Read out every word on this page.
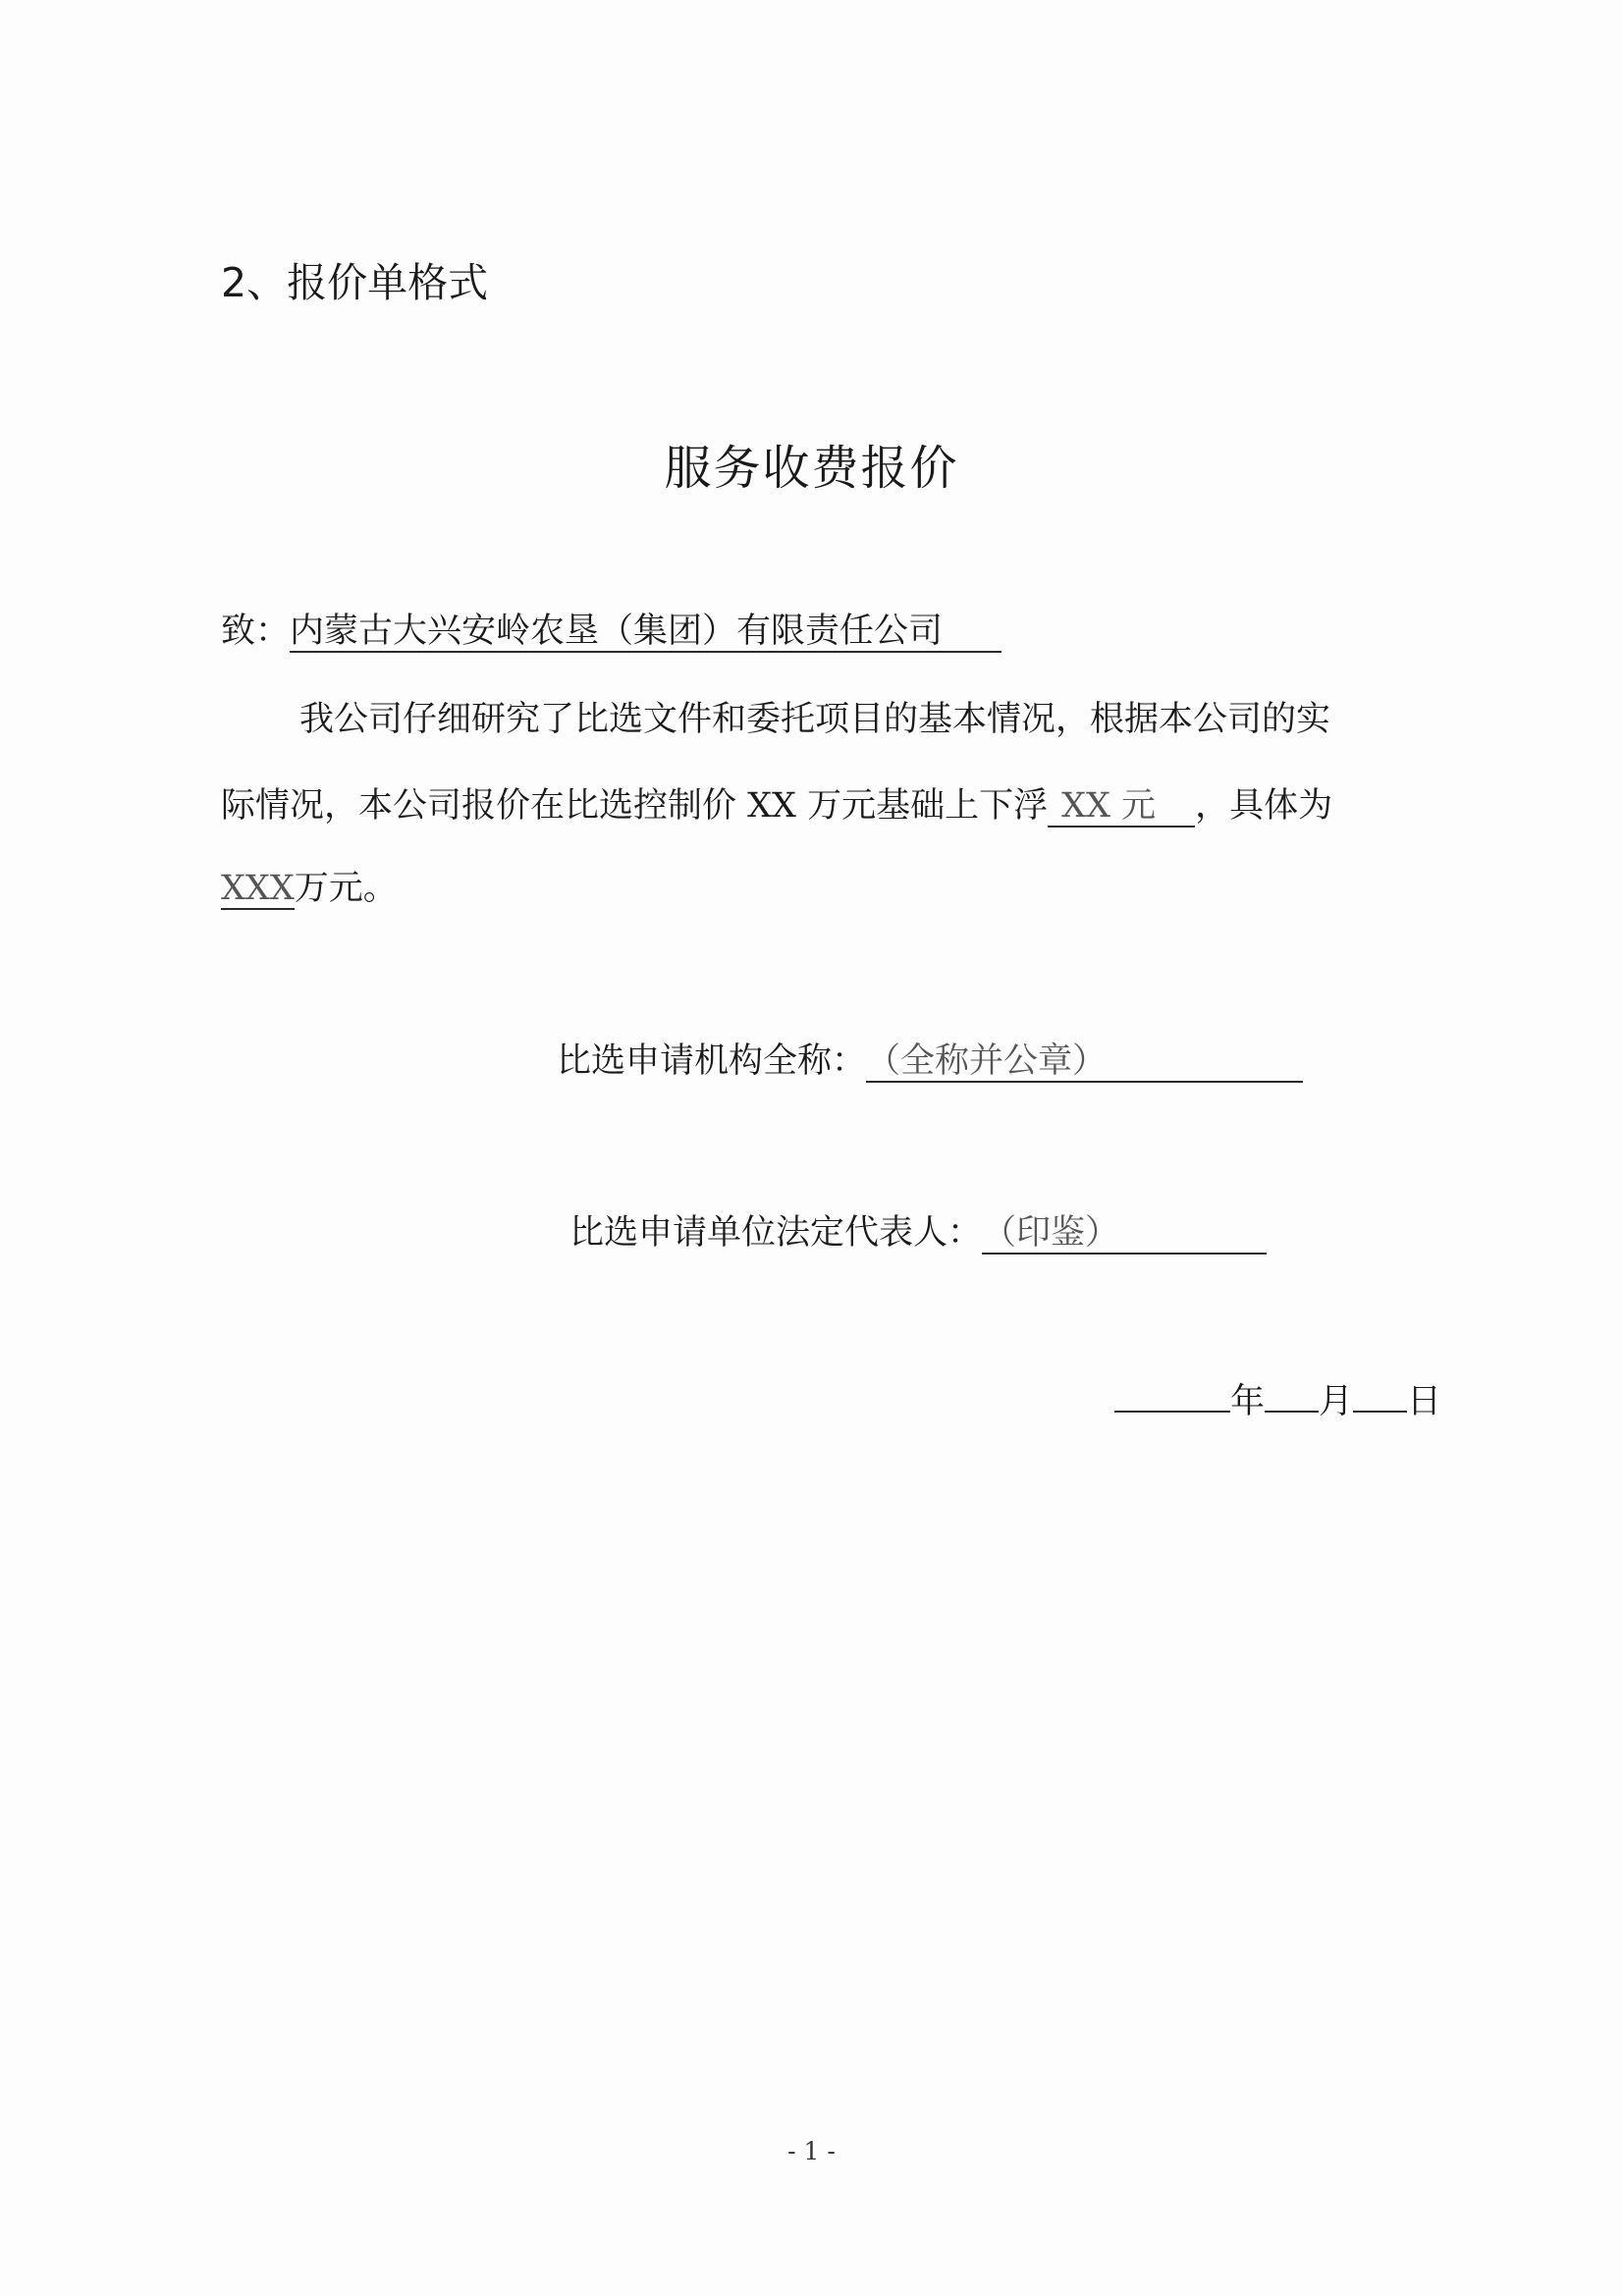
2、报价单格式
服务收费报价
致：内蒙古大兴安岭农垦（集团）有限责任公司
我公司仔细研究了比选文件和委托项目的基本情况，根据本公司的实
际情况，本公司报价在比选控制价 XX 万元基础上下浮 XX 元 ，具体为
XXX万元。
比选申请机构全称：（全称并公章）
比选申请单位法定代表人：（印鉴）
年 月 日
- 1 -
